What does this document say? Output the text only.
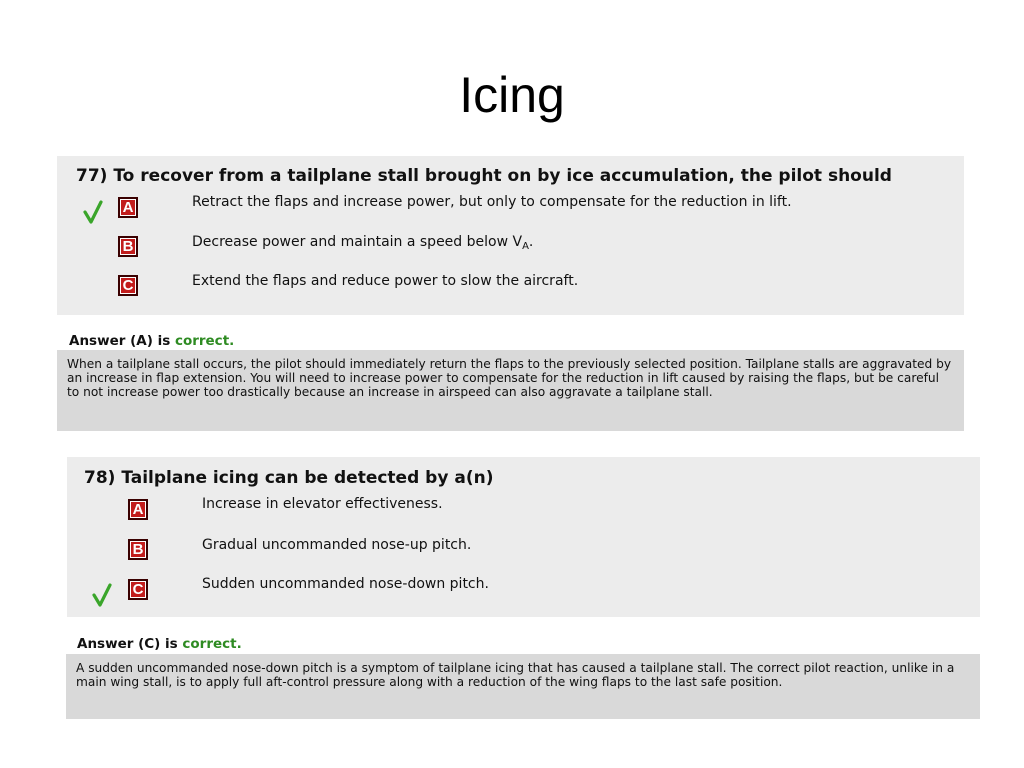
Icing
77) To recover from a tailplane stall brought on by ice accumulation, the pilot should
A	Retract the flaps and increase power, but only to compensate for the reduction in lift.
B	Decrease power and maintain a speed below $V_A$.
C	Extend the flaps and reduce power to slow the aircraft.
Answer (A) is correct.
When a tailplane stall occurs, the pilot should immediately return the flaps to the previously selected position. Tailplane stalls are aggravated by an increase in flap extension. You will need to increase power to compensate for the reduction in lift caused by raising the flaps, but be careful to not increase power too drastically because an increase in airspeed can also aggravate a tailplane stall.
78) Tailplane icing can be detected by a(n)
A	Increase in elevator effectiveness.
B	Gradual uncommanded nose-up pitch.
C	Sudden uncommanded nose-down pitch.
Answer (C) is correct.
A sudden uncommanded nose-down pitch is a symptom of tailplane icing that has caused a tailplane stall. The correct pilot reaction, unlike in a main wing stall, is to apply full aft-control pressure along with a reduction of the wing flaps to the last safe position.
